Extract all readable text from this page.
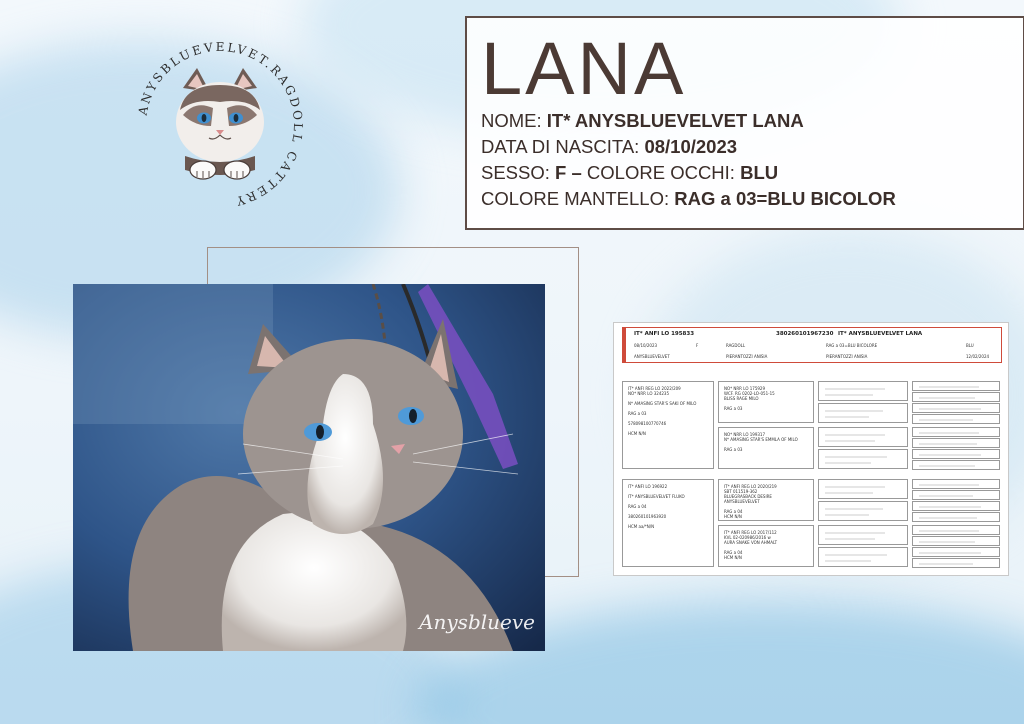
ANYSBLUEVELVET.RAGDOLL CATTERY
LANA
NOME: IT* ANYSBLUEVELVET LANA
DATA DI NASCITA: 08/10/2023
SESSO: F – COLORE OCCHI: BLU
COLORE MANTELLO: RAG a 03=BLU BICOLOR
Anysblueve
IT* ANFI LO 195833	380260101967230 IT* ANYSBLUEVELVET LANA
08/10/2023	F	RAGDOLL	RAG a 03=BLU BICOLORE	BLU
ANYSBLUEVELVET	PIERANTOZZI ANISIA	PIERANTOZZI ANISIA	12/02/2024
IT* ANFI REG LO 2022/209
NO* NRR LO 324235

N* AMASING STAR'S SAKI OF MILO

RAG a 03

578098100770746

HCM N/N
IT* ANFI LO 196922

IT* ANYSBLUEVELVET FLUKO

RAG a 04

380260101963920

HCM aa/*N/N
NO* NRR LO 175929
WCF. RG 0202-LO-051-15
BLISS RAGE MILO

RAG a 03
NO* NRR LO 199317
N* AMASING STAR'S EMMLA OF MILO

RAG a 03
IT* ANFI REG LO 2020/219
SBT 011519-362
BLUEGRASBACK DESIRE
ANYSBLUEVELVET

RAG a 04
HCM N/N
IT* ANFI REG LO 2017/112
KVL 02-020986/2016 w
AURA SNAKE VON AHMALT

RAG a 04
HCM N/N
